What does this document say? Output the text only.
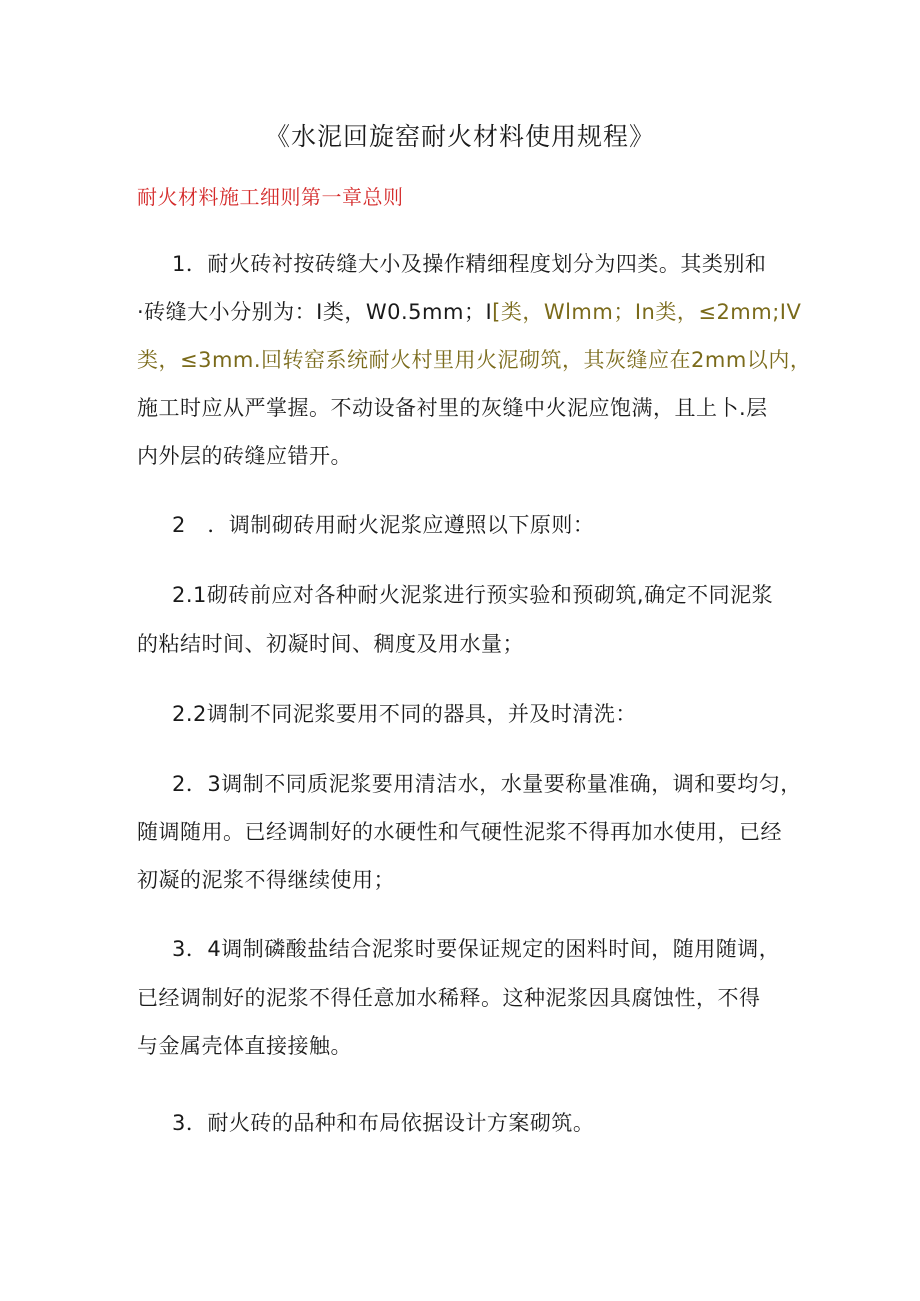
《水泥回旋窑耐火材料使用规程》
耐火材料施工细则第一章总则
1．耐火砖衬按砖缝大小及操作精细程度划分为四类。其类别和
·砖缝大小分别为：I类，W0.5mm；I[类，Wlmm；In类，≤2mm;IV
类，≤3mm.回转窑系统耐火村里用火泥砌筑，其灰缝应在2mm以内，
施工时应从严掌握。不动设备衬里的灰缝中火泥应饱满，且上卜.层
内外层的砖缝应错开。
2　．调制砌砖用耐火泥浆应遵照以下原则：
2.1砌砖前应对各种耐火泥浆进行预实验和预砌筑,确定不同泥浆
的粘结时间、初凝时间、稠度及用水量；
2.2调制不同泥浆要用不同的器具，并及时清洗：
2．3调制不同质泥浆要用清洁水，水量要称量准确，调和要均匀，
随调随用。已经调制好的水硬性和气硬性泥浆不得再加水使用，已经
初凝的泥浆不得继续使用；
3．4调制磷酸盐结合泥浆时要保证规定的困料时间，随用随调，
已经调制好的泥浆不得任意加水稀释。这种泥浆因具腐蚀性，不得
与金属壳体直接接触。
3．耐火砖的品种和布局依据设计方案砌筑。
